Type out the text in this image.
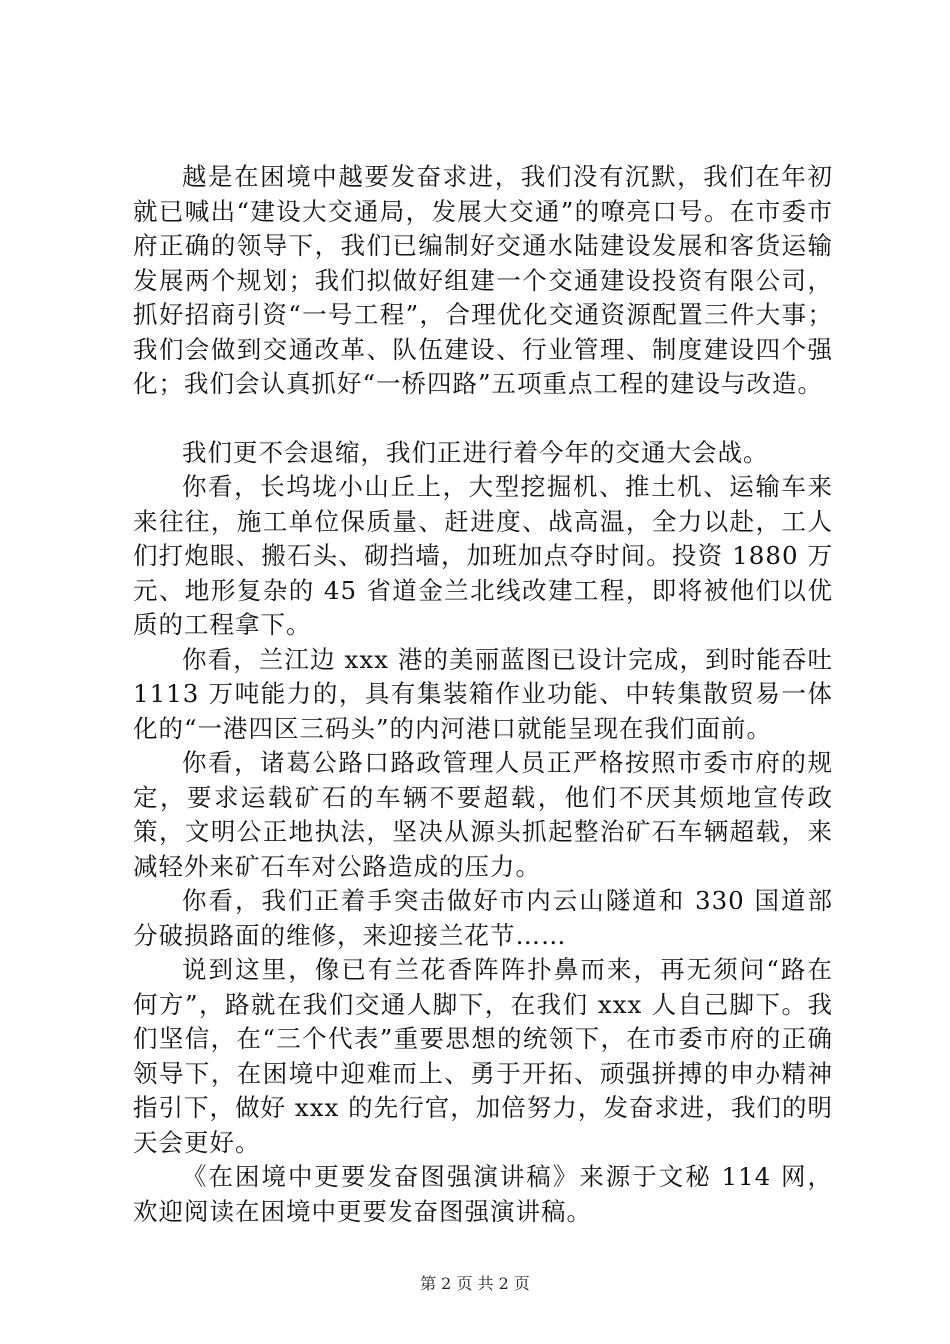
越是在困境中越要发奋求进，我们没有沉默，我们在年初就已喊出“建设大交通局，发展大交通”的嘹亮口号。在市委市府正确的领导下，我们已编制好交通水陆建设发展和客货运输发展两个规划；我们拟做好组建一个交通建设投资有限公司，抓好招商引资“一号工程”，合理优化交通资源配置三件大事；我们会做到交通改革、队伍建设、行业管理、制度建设四个强化；我们会认真抓好“一桥四路”五项重点工程的建设与改造。

我们更不会退缩，我们正进行着今年的交通大会战。

你看，长坞垅小山丘上，大型挖掘机、推土机、运输车来来往往，施工单位保质量、赶进度、战高温，全力以赴，工人们打炮眼、搬石头、砌挡墙，加班加点夺时间。投资 1880 万元、地形复杂的 45 省道金兰北线改建工程，即将被他们以优质的工程拿下。

你看，兰江边 xxx 港的美丽蓝图已设计完成，到时能吞吐 1113 万吨能力的，具有集装箱作业功能、中转集散贸易一体化的“一港四区三码头”的内河港口就能呈现在我们面前。

你看，诸葛公路口路政管理人员正严格按照市委市府的规定，要求运载矿石的车辆不要超载，他们不厌其烦地宣传政策，文明公正地执法，坚决从源头抓起整治矿石车辆超载，来减轻外来矿石车对公路造成的压力。

你看，我们正着手突击做好市内云山隧道和 330 国道部分破损路面的维修，来迎接兰花节……

说到这里，像已有兰花香阵阵扑鼻而来，再无须问“路在何方”，路就在我们交通人脚下，在我们 xxx 人自己脚下。我们坚信，在“三个代表”重要思想的统领下，在市委市府的正确领导下，在困境中迎难而上、勇于开拓、顽强拼搏的申办精神指引下，做好 xxx 的先行官，加倍努力，发奋求进，我们的明天会更好。

《在困境中更要发奋图强演讲稿》来源于文秘 114 网，欢迎阅读在困境中更要发奋图强演讲稿。

第 2 页 共 2 页
